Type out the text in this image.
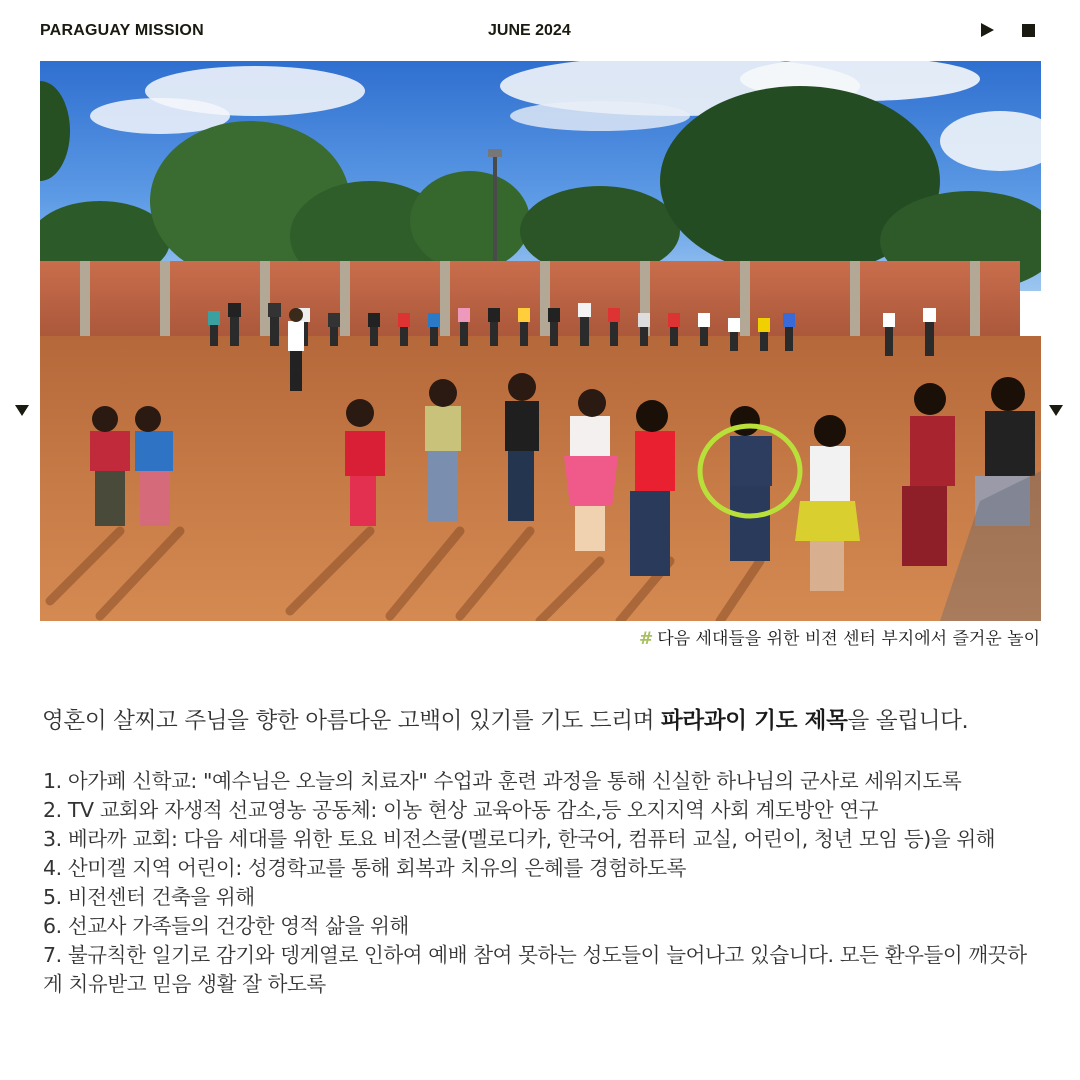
PARAGUAY MISSION	JUNE 2024
# 다음 세대들을 위한 비젼 센터 부지에서 즐거운 놀이
영혼이 살찌고 주님을 향한 아름다운 고백이 있기를 기도 드리며 파라과이 기도 제목을 올립니다.
1. 아가페 신학교: "예수님은 오늘의 치료자" 수업과 훈련 과정을 통해 신실한 하나님의 군사로 세워지도록
2. TV 교회와 자생적 선교영농 공동체: 이농 현상 교육아동 감소,등 오지지역 사회 계도방안 연구
3. 베라까 교회: 다음 세대를 위한 토요 비전스쿨(멜로디카, 한국어, 컴퓨터 교실, 어린이, 청년 모임 등)을 위해
4. 산미겔 지역 어린이: 성경학교를 통해 회복과 치유의 은혜를 경험하도록
5. 비전센터 건축을 위해
6. 선교사 가족들의 건강한 영적 삶을 위해
7. 불규칙한 일기로 감기와 뎅게열로 인하여 예배 참여 못하는 성도들이 늘어나고 있습니다. 모든 환우들이 깨끗하게 치유받고 믿음 생활 잘 하도록
